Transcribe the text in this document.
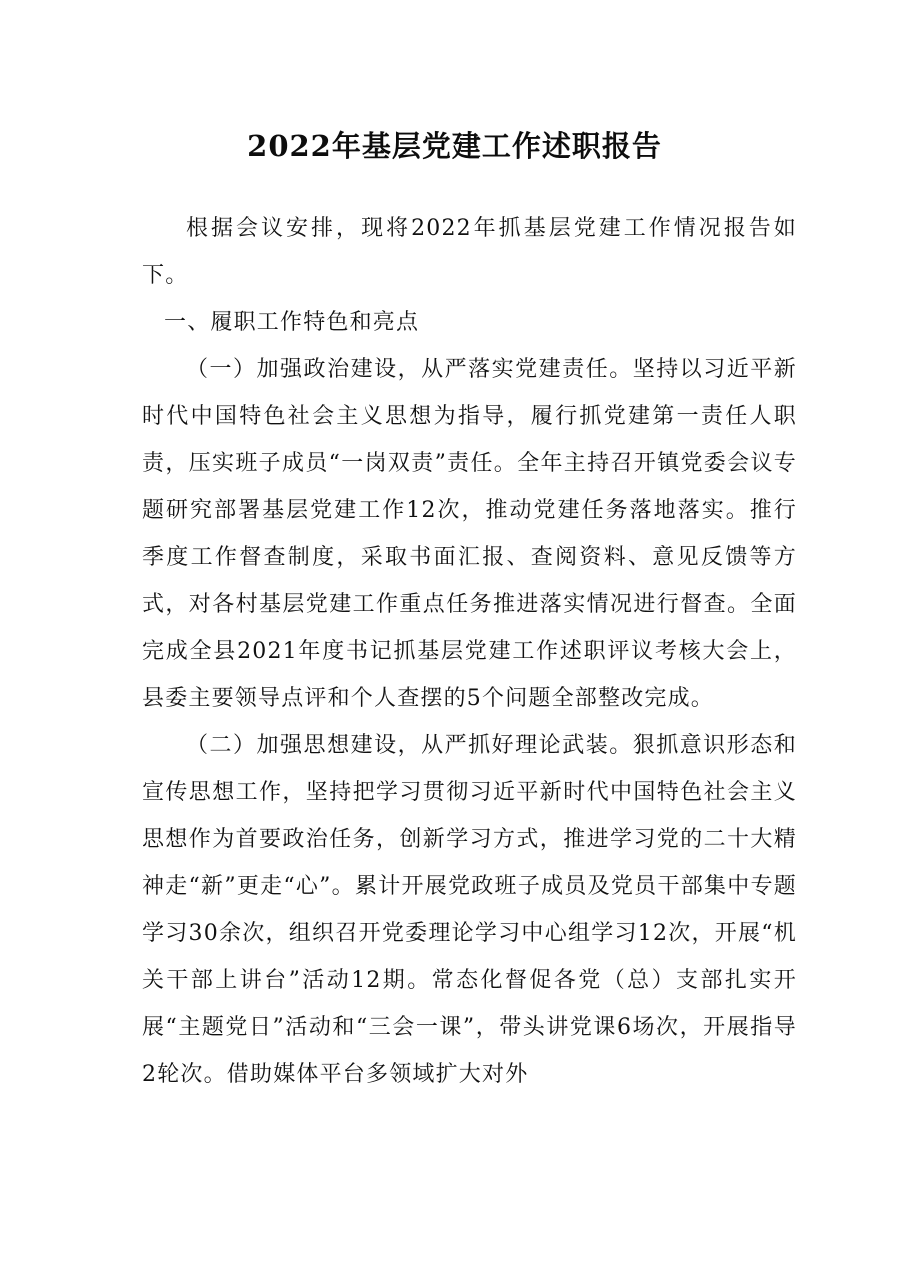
2022年基层党建工作述职报告

根据会议安排，现将2022年抓基层党建工作情况报告如下。

一、履职工作特色和亮点

（一）加强政治建设，从严落实党建责任。坚持以习近平新时代中国特色社会主义思想为指导，履行抓党建第一责任人职责，压实班子成员“一岗双责”责任。全年主持召开镇党委会议专题研究部署基层党建工作12次，推动党建任务落地落实。推行季度工作督查制度，采取书面汇报、查阅资料、意见反馈等方式，对各村基层党建工作重点任务推进落实情况进行督查。全面完成全县2021年度书记抓基层党建工作述职评议考核大会上，县委主要领导点评和个人查摆的5个问题全部整改完成。

（二）加强思想建设，从严抓好理论武装。狠抓意识形态和宣传思想工作，坚持把学习贯彻习近平新时代中国特色社会主义思想作为首要政治任务，创新学习方式，推进学习党的二十大精神走“新”更走“心”。累计开展党政班子成员及党员干部集中专题学习30余次，组织召开党委理论学习中心组学习12次，开展“机关干部上讲台”活动12期。常态化督促各党（总）支部扎实开展“主题党日”活动和“三会一课”，带头讲党课6场次，开展指导2轮次。借助媒体平台多领域扩大对外
